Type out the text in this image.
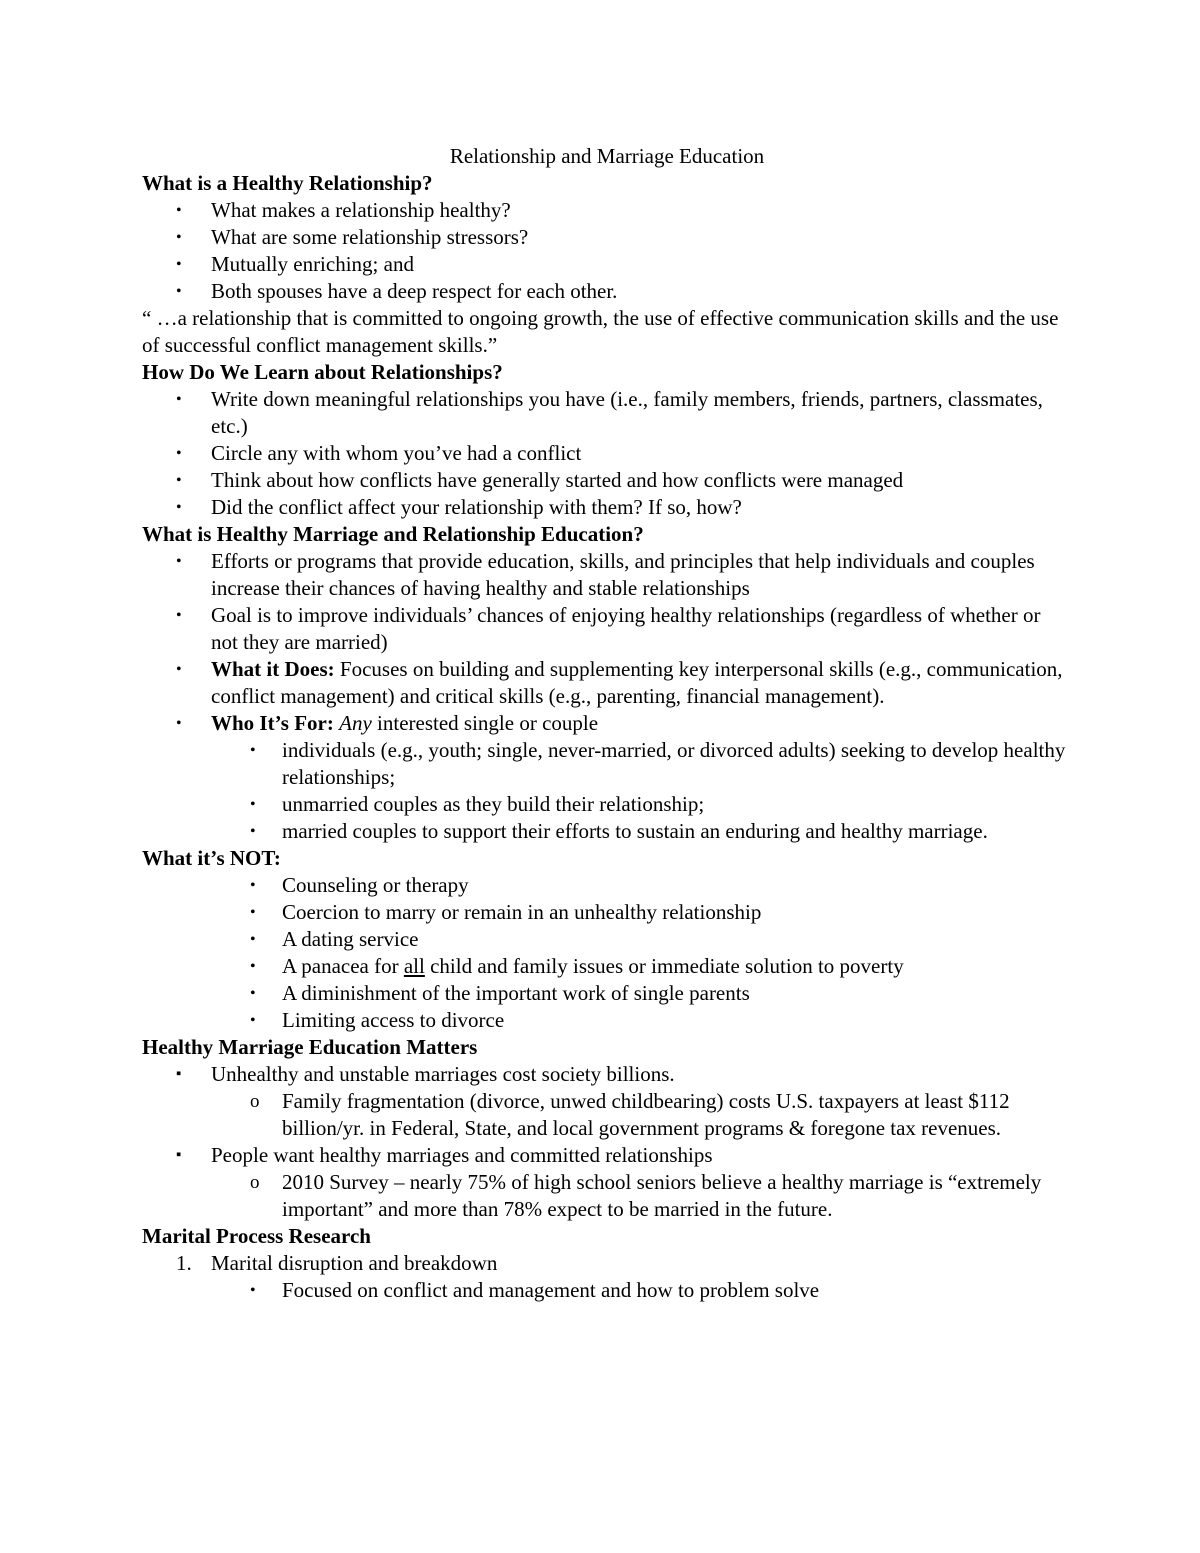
Relationship and Marriage Education

What is a Healthy Relationship?

• What makes a relationship healthy?
• What are some relationship stressors?
• Mutually enriching; and
• Both spouses have a deep respect for each other.

“ …a relationship that is committed to ongoing growth, the use of effective communication skills and the use of successful conflict management skills.”

How Do We Learn about Relationships?

• Write down meaningful relationships you have (i.e., family members, friends, partners, classmates, etc.)
• Circle any with whom you’ve had a conflict
• Think about how conflicts have generally started and how conflicts were managed
• Did the conflict affect your relationship with them? If so, how?

What is Healthy Marriage and Relationship Education?

• Efforts or programs that provide education, skills, and principles that help individuals and couples increase their chances of having healthy and stable relationships
• Goal is to improve individuals’ chances of enjoying healthy relationships (regardless of whether or not they are married)
• What it Does: Focuses on building and supplementing key interpersonal skills (e.g., communication, conflict management) and critical skills (e.g., parenting, financial management).
• Who It’s For: Any interested single or couple
• individuals (e.g., youth; single, never-married, or divorced adults) seeking to develop healthy relationships;
• unmarried couples as they build their relationship;
• married couples to support their efforts to sustain an enduring and healthy marriage.

What it’s NOT:

• Counseling or therapy
• Coercion to marry or remain in an unhealthy relationship
• A dating service
• A panacea for all child and family issues or immediate solution to poverty
• A diminishment of the important work of single parents
• Limiting access to divorce

Healthy Marriage Education Matters

▪ Unhealthy and unstable marriages cost society billions.
o Family fragmentation (divorce, unwed childbearing) costs U.S. taxpayers at least $112 billion/yr. in Federal, State, and local government programs & foregone tax revenues.
▪ People want healthy marriages and committed relationships
o 2010 Survey – nearly 75% of high school seniors believe a healthy marriage is “extremely important” and more than 78% expect to be married in the future.

Marital Process Research

1. Marital disruption and breakdown
• Focused on conflict and management and how to problem solve
